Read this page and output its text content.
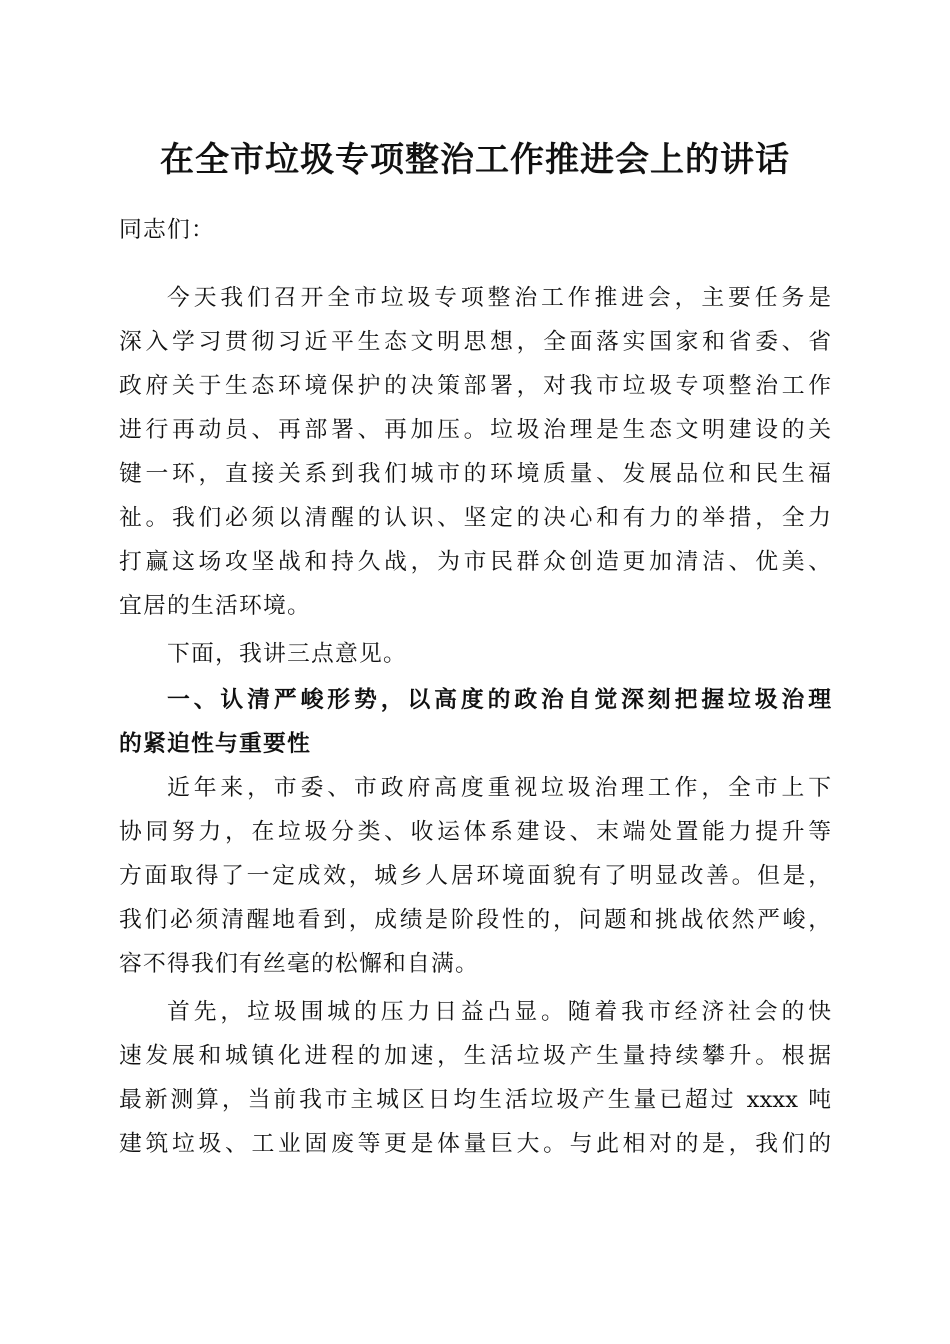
在全市垃圾专项整治工作推进会上的讲话
同志们：
今天我们召开全市垃圾专项整治工作推进会，主要任务是
深入学习贯彻习近平生态文明思想，全面落实国家和省委、省
政府关于生态环境保护的决策部署，对我市垃圾专项整治工作
进行再动员、再部署、再加压。垃圾治理是生态文明建设的关
键一环，直接关系到我们城市的环境质量、发展品位和民生福
祉。我们必须以清醒的认识、坚定的决心和有力的举措，全力
打赢这场攻坚战和持久战，为市民群众创造更加清洁、优美、
宜居的生活环境。
下面，我讲三点意见。
一、认清严峻形势，以高度的政治自觉深刻把握垃圾治理
的紧迫性与重要性
近年来，市委、市政府高度重视垃圾治理工作，全市上下
协同努力，在垃圾分类、收运体系建设、末端处置能力提升等
方面取得了一定成效，城乡人居环境面貌有了明显改善。但是，
我们必须清醒地看到，成绩是阶段性的，问题和挑战依然严峻，
容不得我们有丝毫的松懈和自满。
首先，垃圾围城的压力日益凸显。随着我市经济社会的快
速发展和城镇化进程的加速，生活垃圾产生量持续攀升。根据
最新测算，当前我市主城区日均生活垃圾产生量已超过 xxxx 吨
建筑垃圾、工业固废等更是体量巨大。与此相对的是，我们的
